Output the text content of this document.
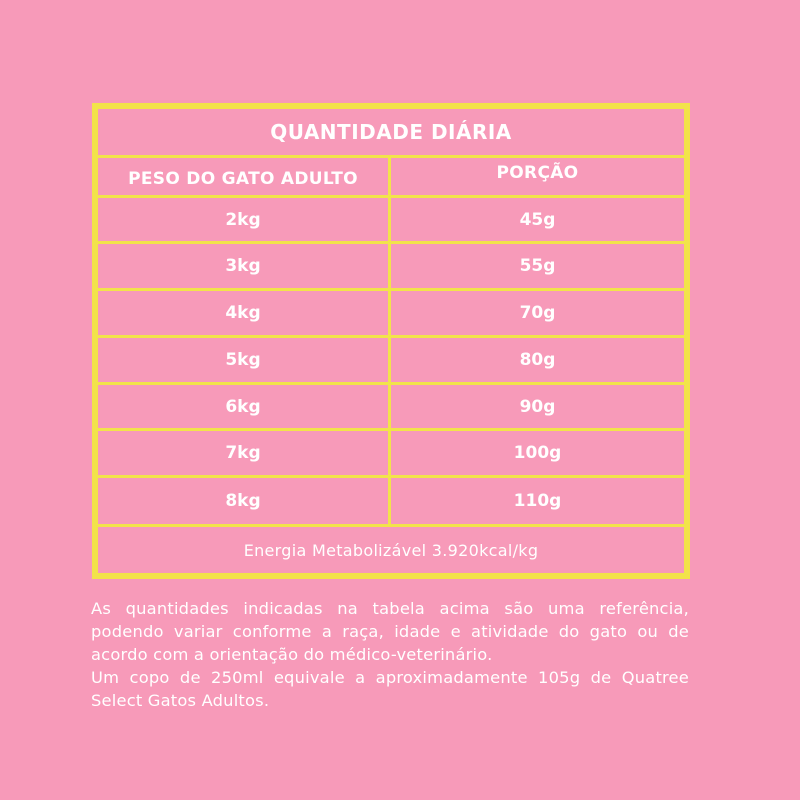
QUANTIDADE DIÁRIA
PESO DO GATO ADULTO	PORÇÃO
2kg	45g
3kg	55g
4kg	70g
5kg	80g
6kg	90g
7kg	100g
8kg	110g
Energia Metabolizável 3.920kcal/kg

As quantidades indicadas na tabela acima são uma referência, podendo variar conforme a raça, idade e atividade do gato ou de acordo com a orientação do médico-veterinário.

Um copo de 250ml equivale a aproximadamente 105g de Quatree Select Gatos Adultos.
